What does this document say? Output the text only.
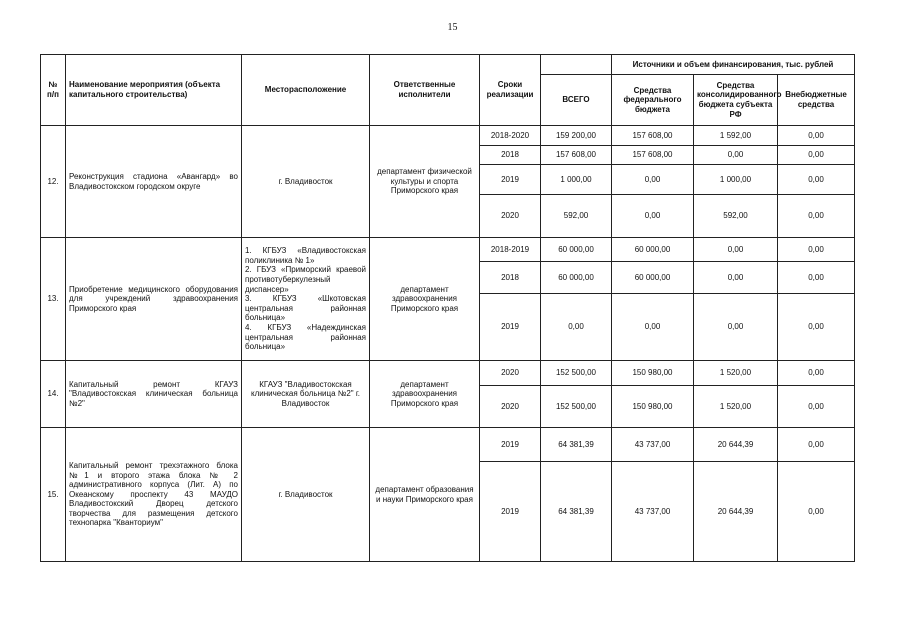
15
№ п/п	Наименование мероприятия (объекта капитального строительства)	Месторасположение	Ответственные исполнители	Сроки реализации		Источники и объем финансирования, тыс. рублей		
					ВСЕГО	Средства федерального бюджета	Средства консолидированного бюджета субъекта РФ	Внебюджетные средства
12.	Реконструкция стадиона «Авангард» во Владивостокском городском округе	г. Владивосток	департамент физической культуры и спорта Приморского края	2018-2020	159 200,00	157 608,00	1 592,00	0,00
				2018	157 608,00	157 608,00	0,00	0,00
				2019	1 000,00	0,00	1 000,00	0,00
				2020	592,00	0,00	592,00	0,00
13.	Приобретение медицинского оборудования для учреждений здравоохранения Приморского края	1. КГБУЗ «Владивостокская поликлиника № 1»
2. ГБУЗ «Приморский краевой противотуберкулезный диспансер»
3. КГБУЗ «Шкотовская центральная районная больница»
4. КГБУЗ «Надеждинская центральная районная больница»	департамент здравоохранения Приморского края	2018-2019	60 000,00	60 000,00	0,00	0,00
				2018	60 000,00	60 000,00	0,00	0,00
				2019	0,00	0,00	0,00	0,00
14.	Капитальный ремонт КГАУЗ "Владивостокская клиническая больница №2"	КГАУЗ "Владивостокская клиническая больница №2" г. Владивосток	департамент здравоохранения Приморского края	2020	152 500,00	150 980,00	1 520,00	0,00
				2020	152 500,00	150 980,00	1 520,00	0,00
15.	Капитальный ремонт трехэтажного блока №1 и второго этажа блока № 2 административного корпуса (Лит. А) по Океанскому проспекту 43 МАУДО Владивостокский Дворец детского творчества для размещения детского технопарка "Кванториум"	г. Владивосток	департамент образования и науки Приморского края	2019	64 381,39	43 737,00	20 644,39	0,00
				2019	64 381,39	43 737,00	20 644,39	0,00
